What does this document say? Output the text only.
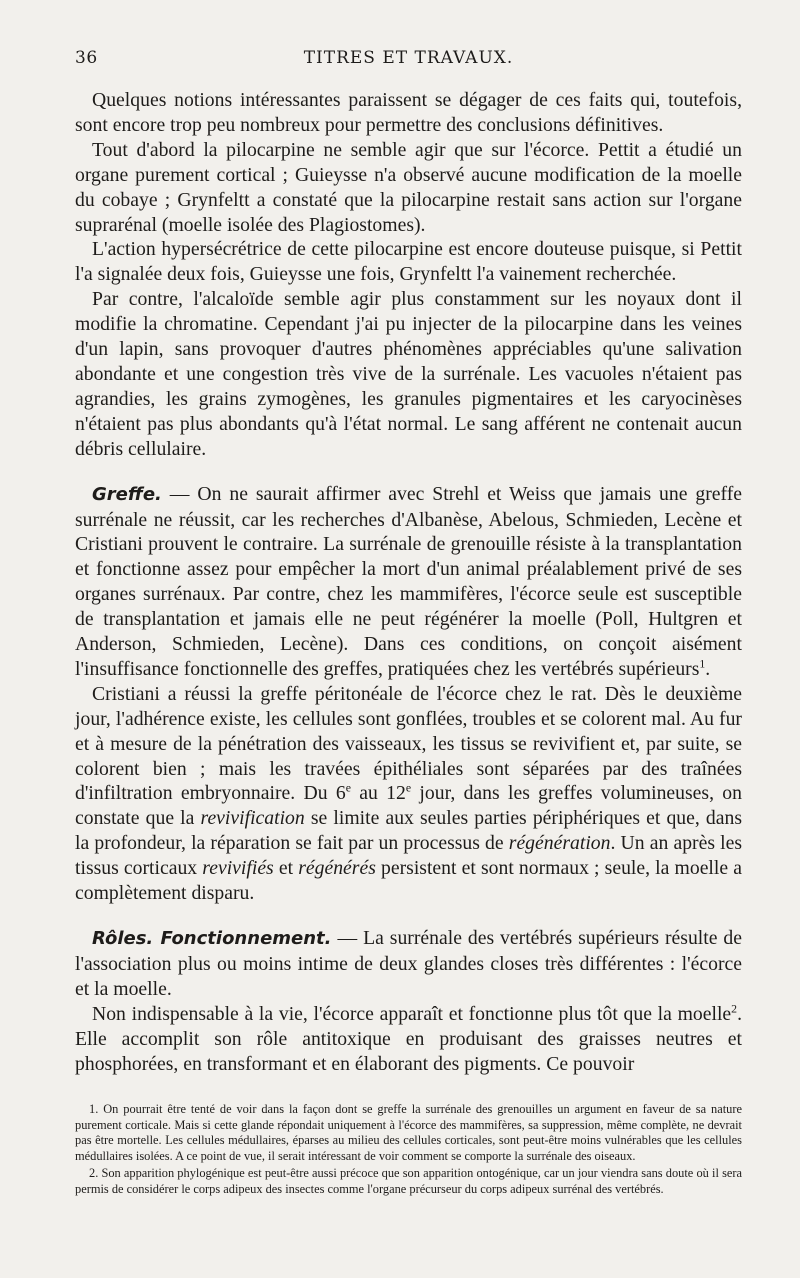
36	TITRES ET TRAVAUX.

Quelques notions intéressantes paraissent se dégager de ces faits qui, toutefois, sont encore trop peu nombreux pour permettre des conclusions définitives.

Tout d'abord la pilocarpine ne semble agir que sur l'écorce. Pettit a étudié un organe purement cortical ; Guieysse n'a observé aucune modification de la moelle du cobaye ; Grynfeltt a constaté que la pilocarpine restait sans action sur l'organe suprarénal (moelle isolée des Plagiostomes).

L'action hypersécrétrice de cette pilocarpine est encore douteuse puisque, si Pettit l'a signalée deux fois, Guieysse une fois, Grynfeltt l'a vainement recherchée.

Par contre, l'alcaloïde semble agir plus constamment sur les noyaux dont il modifie la chromatine. Cependant j'ai pu injecter de la pilocarpine dans les veines d'un lapin, sans provoquer d'autres phénomènes appréciables qu'une salivation abondante et une congestion très vive de la surrénale. Les vacuoles n'étaient pas agrandies, les grains zymogènes, les granules pigmentaires et les caryocinèses n'étaient pas plus abondants qu'à l'état normal. Le sang afférent ne contenait aucun débris cellulaire.

Greffe. — On ne saurait affirmer avec Strehl et Weiss que jamais une greffe surrénale ne réussit, car les recherches d'Albanèse, Abelous, Schmieden, Lecène et Cristiani prouvent le contraire. La surrénale de grenouille résiste à la transplantation et fonctionne assez pour empêcher la mort d'un animal préalablement privé de ses organes surrénaux. Par contre, chez les mammifères, l'écorce seule est susceptible de transplantation et jamais elle ne peut régénérer la moelle (Poll, Hultgren et Anderson, Schmieden, Lecène). Dans ces conditions, on conçoit aisément l'insuffisance fonctionnelle des greffes, pratiquées chez les vertébrés supérieurs$^1$.

Cristiani a réussi la greffe péritonéale de l'écorce chez le rat. Dès le deuxième jour, l'adhérence existe, les cellules sont gonflées, troubles et se colorent mal. Au fur et à mesure de la pénétration des vaisseaux, les tissus se revivifient et, par suite, se colorent bien ; mais les travées épithéliales sont séparées par des traînées d'infiltration embryonnaire. Du 6e au 12e jour, dans les greffes volumineuses, on constate que la revivification se limite aux seules parties périphériques et que, dans la profondeur, la réparation se fait par un processus de régénération. Un an après les tissus corticaux revivifiés et régénérés persistent et sont normaux ; seule, la moelle a complètement disparu.

Rôles. Fonctionnement. — La surrénale des vertébrés supérieurs résulte de l'association plus ou moins intime de deux glandes closes très différentes : l'écorce et la moelle.

Non indispensable à la vie, l'écorce apparaît et fonctionne plus tôt que la moelle$^2$. Elle accomplit son rôle antitoxique en produisant des graisses neutres et phosphorées, en transformant et en élaborant des pigments. Ce pouvoir

1. On pourrait être tenté de voir dans la façon dont se greffe la surrénale des grenouilles un argument en faveur de sa nature purement corticale. Mais si cette glande répondait uniquement à l'écorce des mammifères, sa suppression, même complète, ne devrait pas être mortelle. Les cellules médullaires, éparses au milieu des cellules corticales, sont peut-être moins vulnérables que les cellules médullaires isolées. A ce point de vue, il serait intéressant de voir comment se comporte la surrénale des oiseaux.

2. Son apparition phylogénique est peut-être aussi précoce que son apparition ontogénique, car un jour viendra sans doute où il sera permis de considérer le corps adipeux des insectes comme l'organe précurseur du corps adipeux surrénal des vertébrés.
